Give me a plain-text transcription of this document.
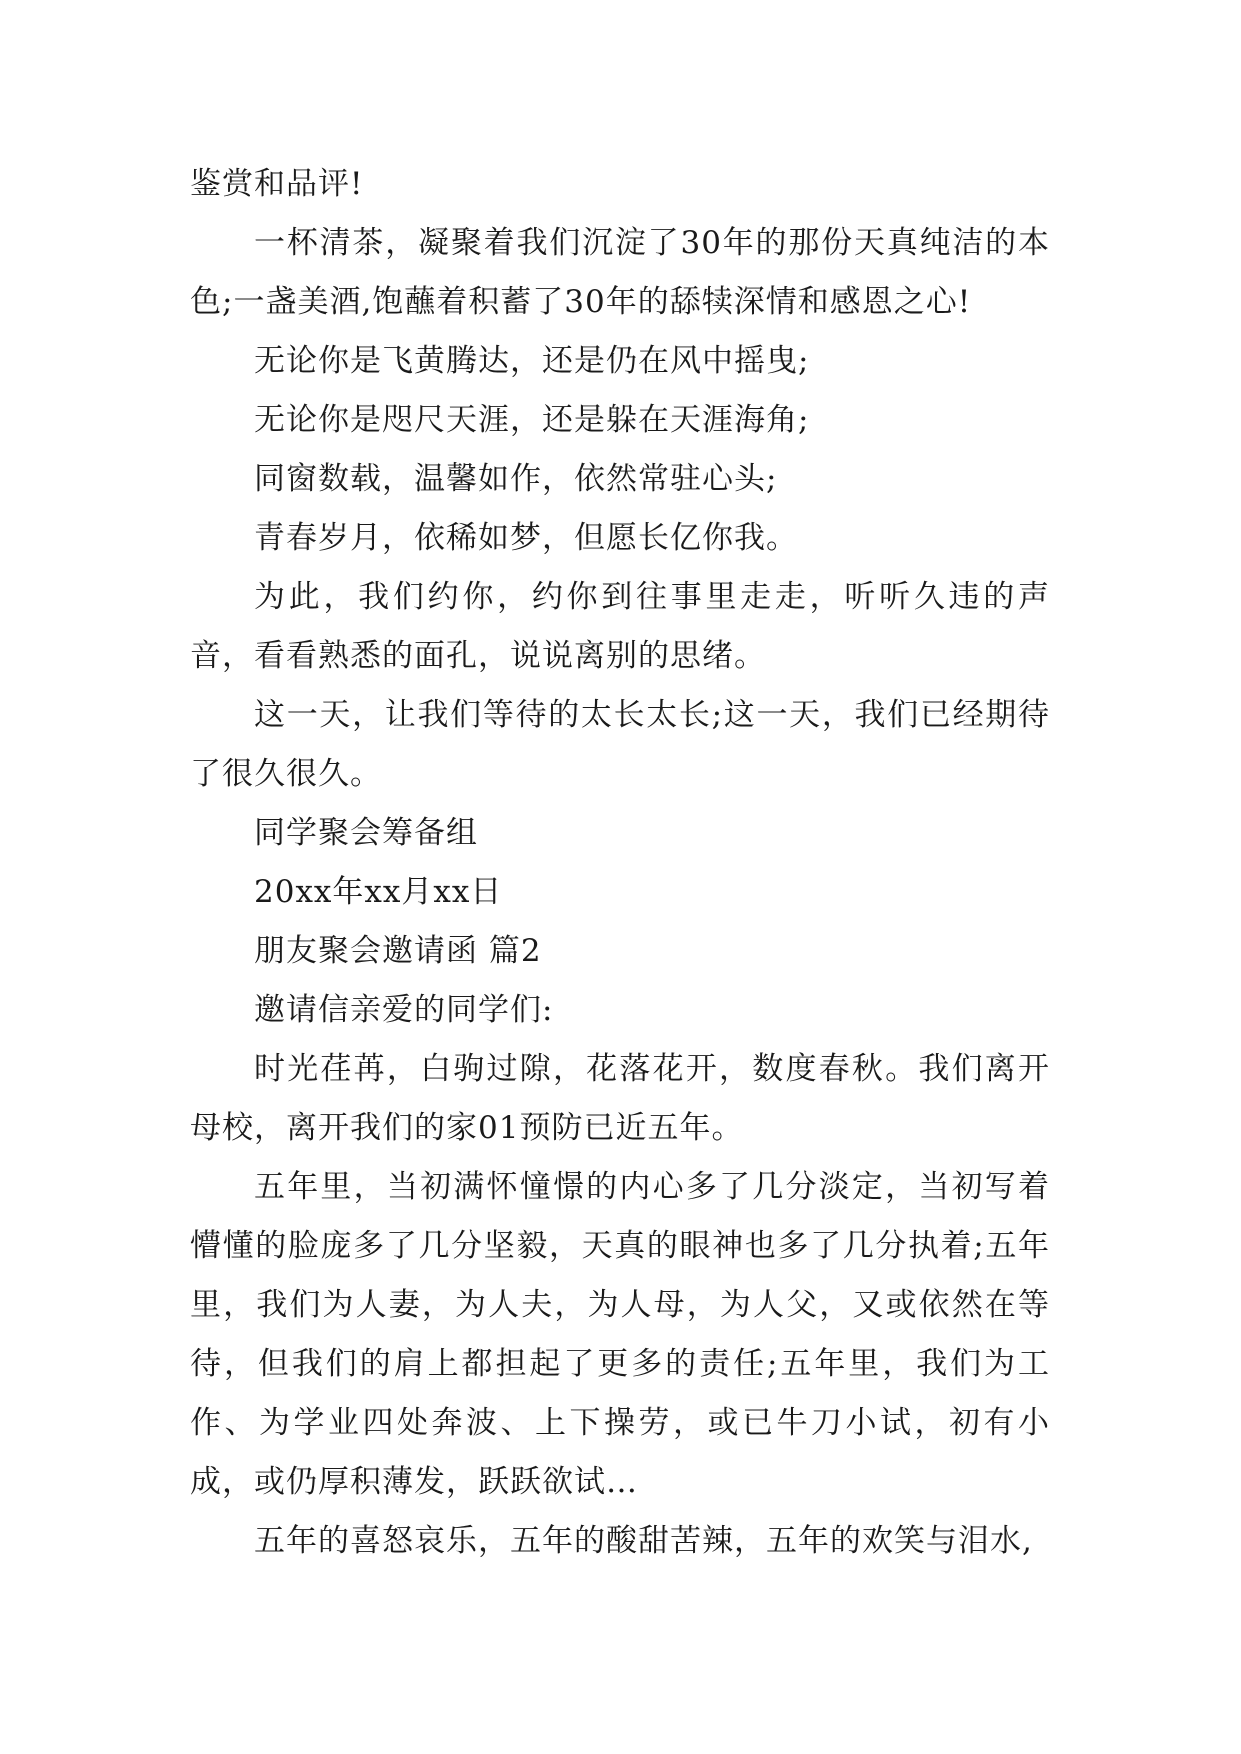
鉴赏和品评!

一杯清茶，凝聚着我们沉淀了30年的那份天真纯洁的本色;一盏美酒,饱蘸着积蓄了30年的舔犊深情和感恩之心!

无论你是飞黄腾达，还是仍在风中摇曳;

无论你是咫尺天涯，还是躲在天涯海角;

同窗数载，温馨如作，依然常驻心头;

青春岁月，依稀如梦，但愿长亿你我。

为此，我们约你，约你到往事里走走，听听久违的声音，看看熟悉的面孔，说说离别的思绪。

这一天，让我们等待的太长太长;这一天，我们已经期待了很久很久。

同学聚会筹备组

20xx年xx月xx日

朋友聚会邀请函 篇2

邀请信亲爱的同学们:

时光荏苒，白驹过隙，花落花开，数度春秋。我们离开母校，离开我们的家01预防已近五年。

五年里，当初满怀憧憬的内心多了几分淡定，当初写着懵懂的脸庞多了几分坚毅，天真的眼神也多了几分执着;五年里，我们为人妻，为人夫，为人母，为人父，又或依然在等待，但我们的肩上都担起了更多的责任;五年里，我们为工作、为学业四处奔波、上下操劳，或已牛刀小试，初有小成，或仍厚积薄发，跃跃欲试…

五年的喜怒哀乐，五年的酸甜苦辣，五年的欢笑与泪水,
